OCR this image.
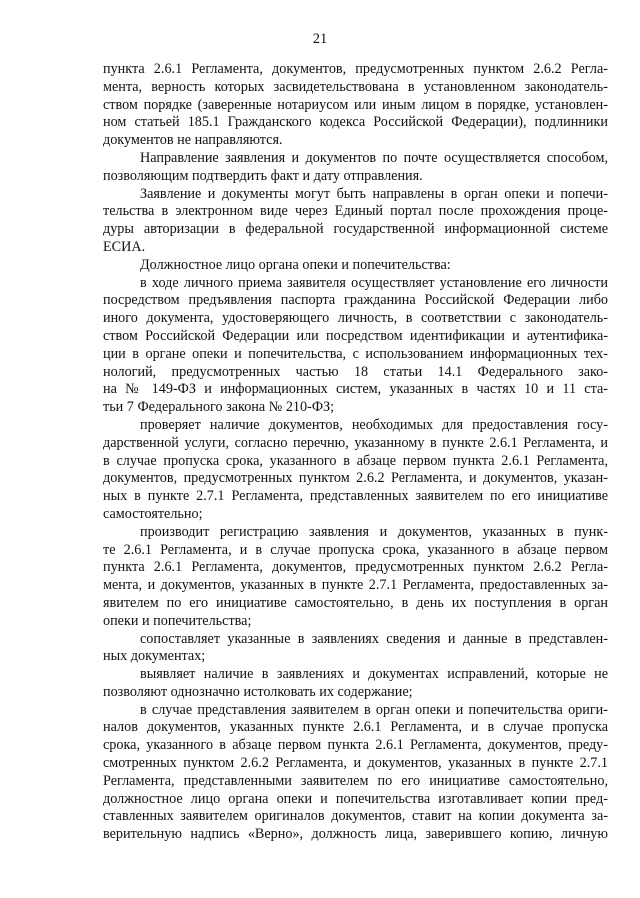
21
пункта 2.6.1 Регламента, документов, предусмотренных пунктом 2.6.2 Регла-
мента, верность которых засвидетельствована в установленном законодатель-
ством порядке (заверенные нотариусом или иным лицом в порядке, установлен-
ном статьей 185.1 Гражданского кодекса Российской Федерации), подлинники
документов не направляются.
Направление заявления и документов по почте осуществляется способом,
позволяющим подтвердить факт и дату отправления.
Заявление и документы могут быть направлены в орган опеки и попечи-
тельства в электронном виде через Единый портал после прохождения проце-
дуры авторизации в федеральной государственной информационной системе
ЕСИА.
Должностное лицо органа опеки и попечительства:
в ходе личного приема заявителя осуществляет установление его личности
посредством предъявления паспорта гражданина Российской Федерации либо
иного документа, удостоверяющего личность, в соответствии с законодатель-
ством Российской Федерации или посредством идентификации и аутентифика-
ции в органе опеки и попечительства, с использованием информационных тех-
нологий, предусмотренных частью 18 статьи 14.1 Федерального зако-
на № 149-ФЗ и информационных систем, указанных в частях 10 и 11 ста-
тьи 7 Федерального закона № 210-ФЗ;
проверяет наличие документов, необходимых для предоставления госу-
дарственной услуги, согласно перечню, указанному в пункте 2.6.1 Регламента, и
в случае пропуска срока, указанного в абзаце первом пункта 2.6.1 Регламента,
документов, предусмотренных пунктом 2.6.2 Регламента, и документов, указан-
ных в пункте 2.7.1 Регламента, представленных заявителем по его инициативе
самостоятельно;
производит регистрацию заявления и документов, указанных в пунк-
те 2.6.1 Регламента, и в случае пропуска срока, указанного в абзаце первом
пункта 2.6.1 Регламента, документов, предусмотренных пунктом 2.6.2 Регла-
мента, и документов, указанных в пункте 2.7.1 Регламента, предоставленных за-
явителем по его инициативе самостоятельно, в день их поступления в орган
опеки и попечительства;
сопоставляет указанные в заявлениях сведения и данные в представлен-
ных документах;
выявляет наличие в заявлениях и документах исправлений, которые не
позволяют однозначно истолковать их содержание;
в случае представления заявителем в орган опеки и попечительства ориги-
налов документов, указанных пункте 2.6.1 Регламента, и в случае пропуска
срока, указанного в абзаце первом пункта 2.6.1 Регламента, документов, преду-
смотренных пунктом 2.6.2 Регламента, и документов, указанных в пункте 2.7.1
Регламента, представленными заявителем по его инициативе самостоятельно,
должностное лицо органа опеки и попечительства изготавливает копии пред-
ставленных заявителем оригиналов документов, ставит на копии документа за-
верительную надпись «Верно», должность лица, заверившего копию, личную
